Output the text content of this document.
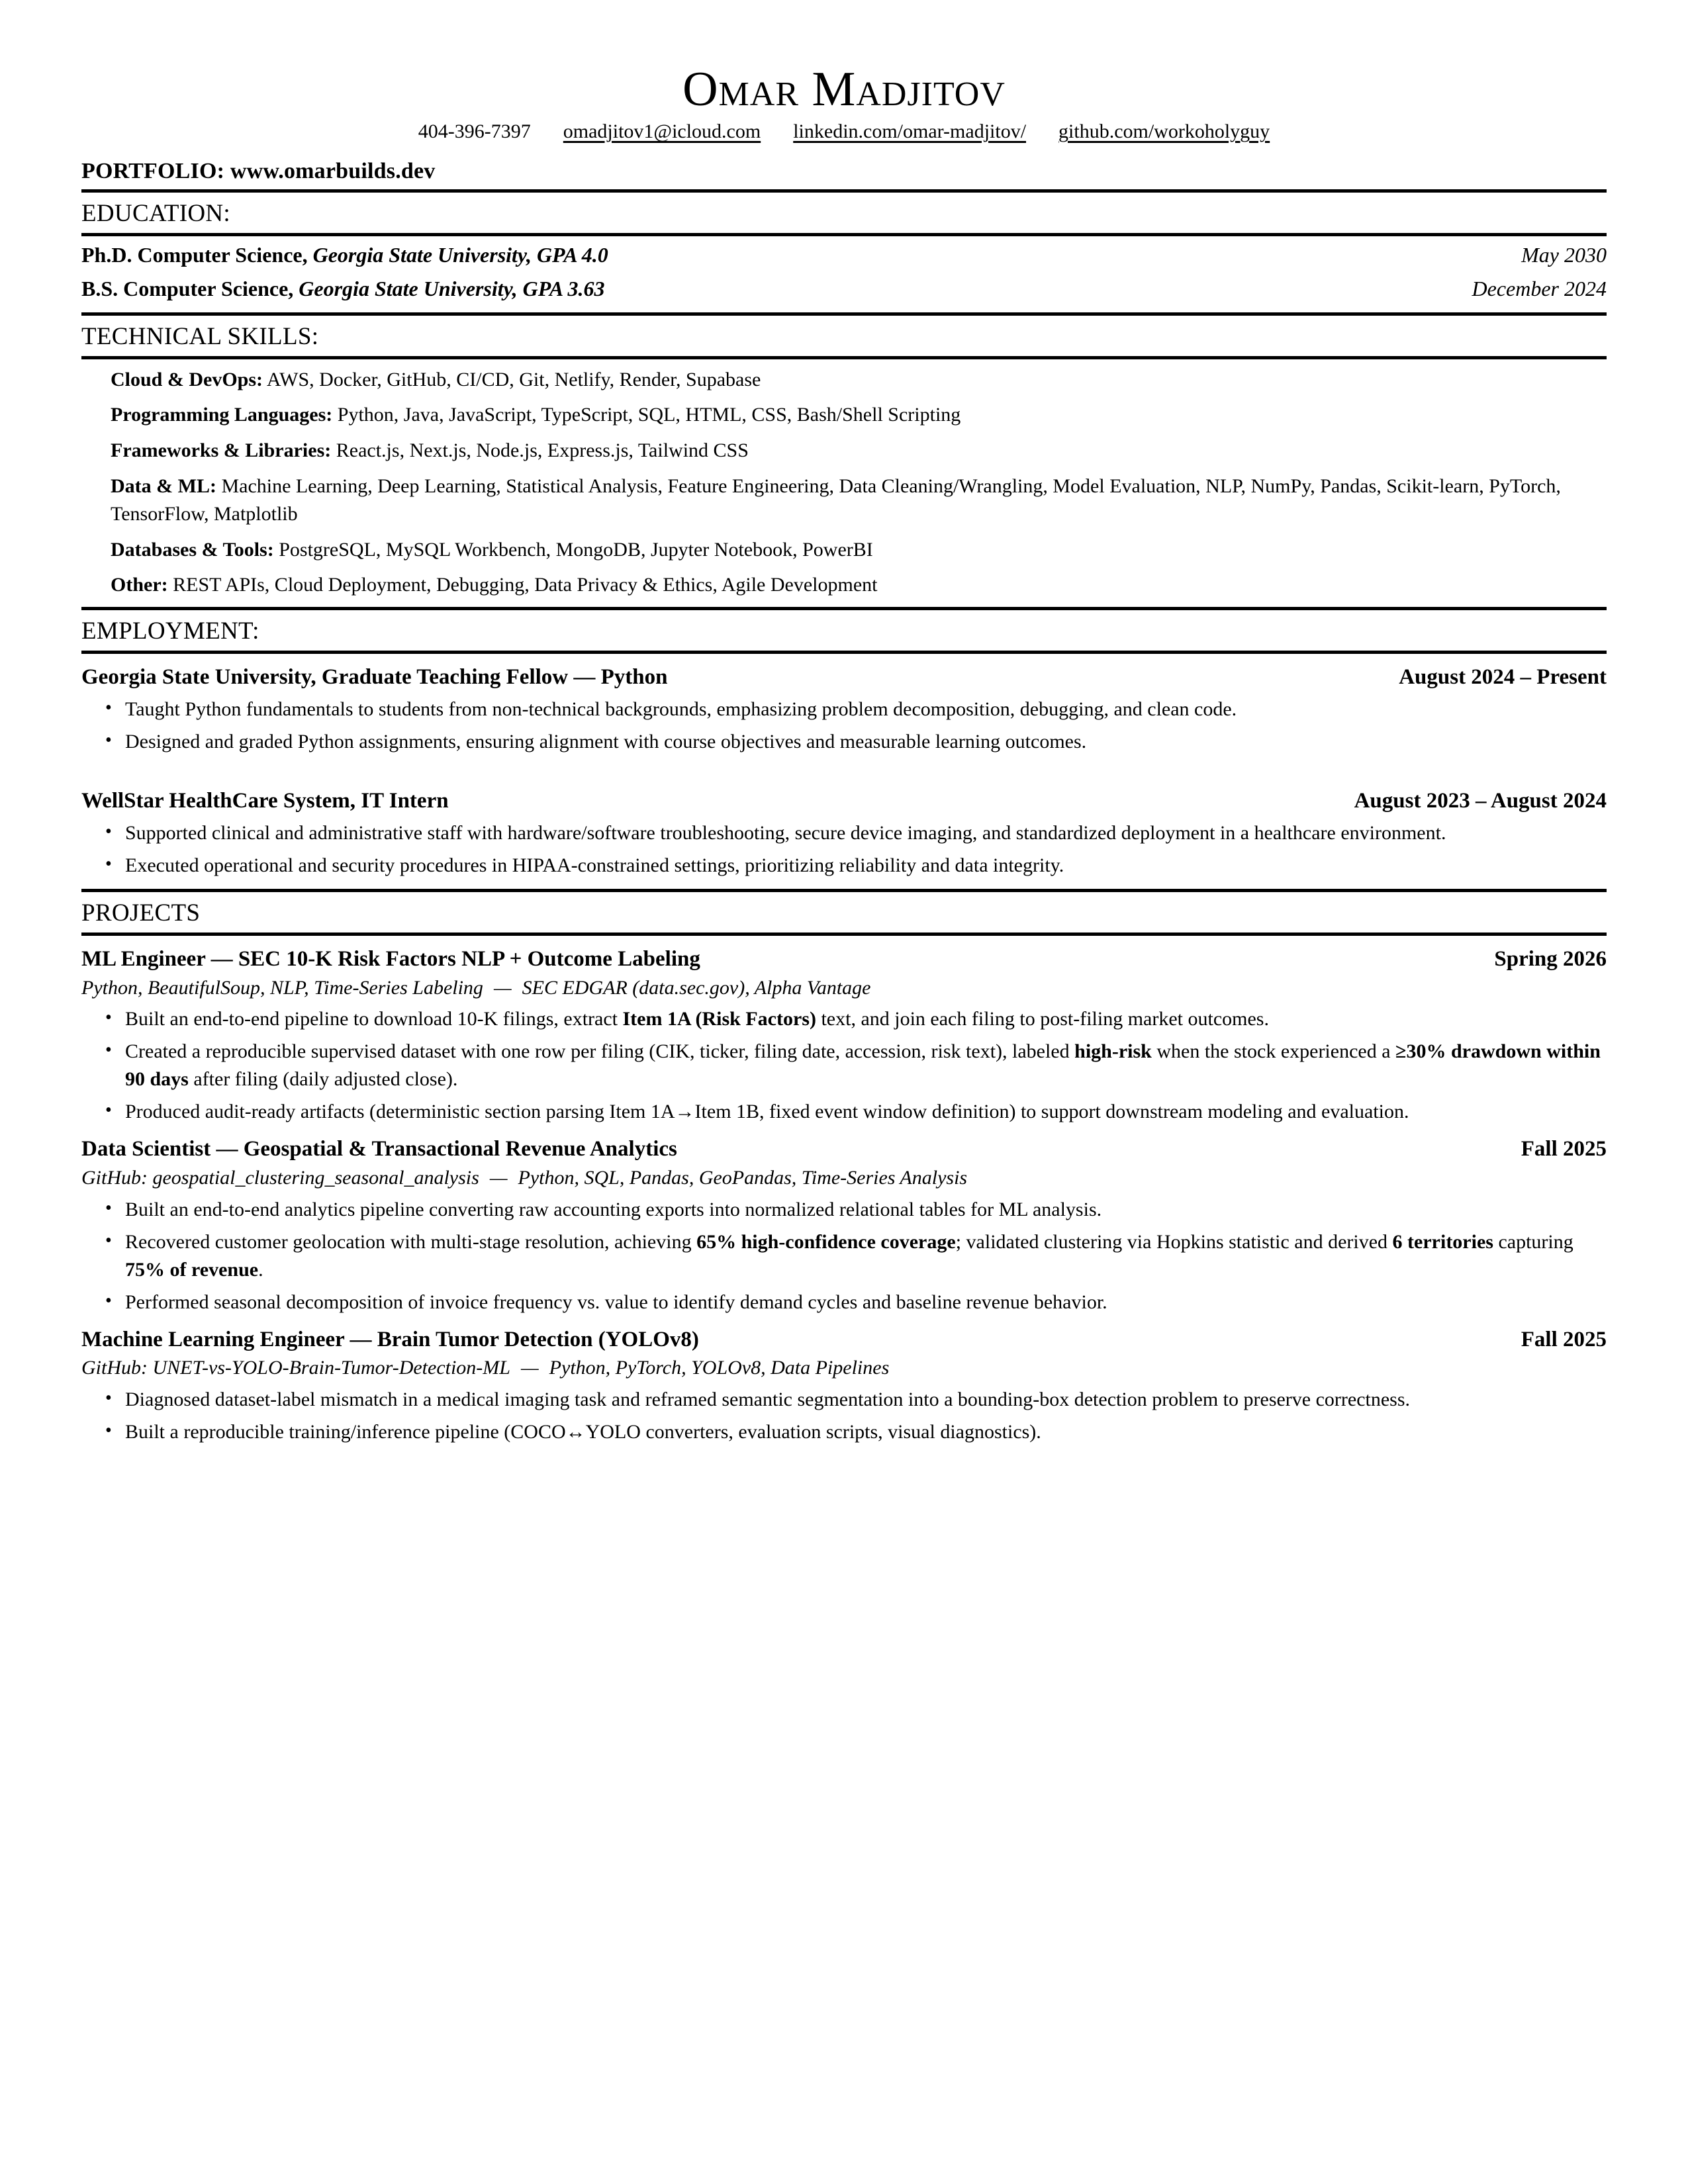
Omar Madjitov
404-396-7397 omadjitov1@icloud.com linkedin.com/omar-madjitov/ github.com/workoholyguy
PORTFOLIO: www.omarbuilds.dev
EDUCATION:
Ph.D. Computer Science, Georgia State University, GPA 4.0	May 2030
B.S. Computer Science, Georgia State University, GPA 3.63	December 2024
TECHNICAL SKILLS:
Cloud & DevOps: AWS, Docker, GitHub, CI/CD, Git, Netlify, Render, Supabase
Programming Languages: Python, Java, JavaScript, TypeScript, SQL, HTML, CSS, Bash/Shell Scripting
Frameworks & Libraries: React.js, Next.js, Node.js, Express.js, Tailwind CSS
Data & ML: Machine Learning, Deep Learning, Statistical Analysis, Feature Engineering, Data Cleaning/Wrangling, Model Evaluation, NLP, NumPy, Pandas, Scikit-learn, PyTorch, TensorFlow, Matplotlib
Databases & Tools: PostgreSQL, MySQL Workbench, MongoDB, Jupyter Notebook, PowerBI
Other: REST APIs, Cloud Deployment, Debugging, Data Privacy & Ethics, Agile Development
EMPLOYMENT:
Georgia State University, Graduate Teaching Fellow — Python	August 2024 – Present
• Taught Python fundamentals to students from non-technical backgrounds, emphasizing problem decomposition, debugging, and clean code.
• Designed and graded Python assignments, ensuring alignment with course objectives and measurable learning outcomes.
WellStar HealthCare System, IT Intern	August 2023 – August 2024
• Supported clinical and administrative staff with hardware/software troubleshooting, secure device imaging, and standardized deployment in a healthcare environment.
• Executed operational and security procedures in HIPAA-constrained settings, prioritizing reliability and data integrity.
PROJECTS
ML Engineer — SEC 10-K Risk Factors NLP + Outcome Labeling	Spring 2026
Python, BeautifulSoup, NLP, Time-Series Labeling — SEC EDGAR (data.sec.gov), Alpha Vantage
• Built an end-to-end pipeline to download 10-K filings, extract Item 1A (Risk Factors) text, and join each filing to post-filing market outcomes.
• Created a reproducible supervised dataset with one row per filing (CIK, ticker, filing date, accession, risk text), labeled high-risk when the stock experienced a ≥30% drawdown within 90 days after filing (daily adjusted close).
• Produced audit-ready artifacts (deterministic section parsing Item 1A→Item 1B, fixed event window definition) to support downstream modeling and evaluation.
Data Scientist — Geospatial & Transactional Revenue Analytics	Fall 2025
GitHub: geospatial_clustering_seasonal_analysis — Python, SQL, Pandas, GeoPandas, Time-Series Analysis
• Built an end-to-end analytics pipeline converting raw accounting exports into normalized relational tables for ML analysis.
• Recovered customer geolocation with multi-stage resolution, achieving 65% high-confidence coverage; validated clustering via Hopkins statistic and derived 6 territories capturing 75% of revenue.
• Performed seasonal decomposition of invoice frequency vs. value to identify demand cycles and baseline revenue behavior.
Machine Learning Engineer — Brain Tumor Detection (YOLOv8)	Fall 2025
GitHub: UNET-vs-YOLO-Brain-Tumor-Detection-ML — Python, PyTorch, YOLOv8, Data Pipelines
• Diagnosed dataset-label mismatch in a medical imaging task and reframed semantic segmentation into a bounding-box detection problem to preserve correctness.
• Built a reproducible training/inference pipeline (COCO↔YOLO converters, evaluation scripts, visual diagnostics).
